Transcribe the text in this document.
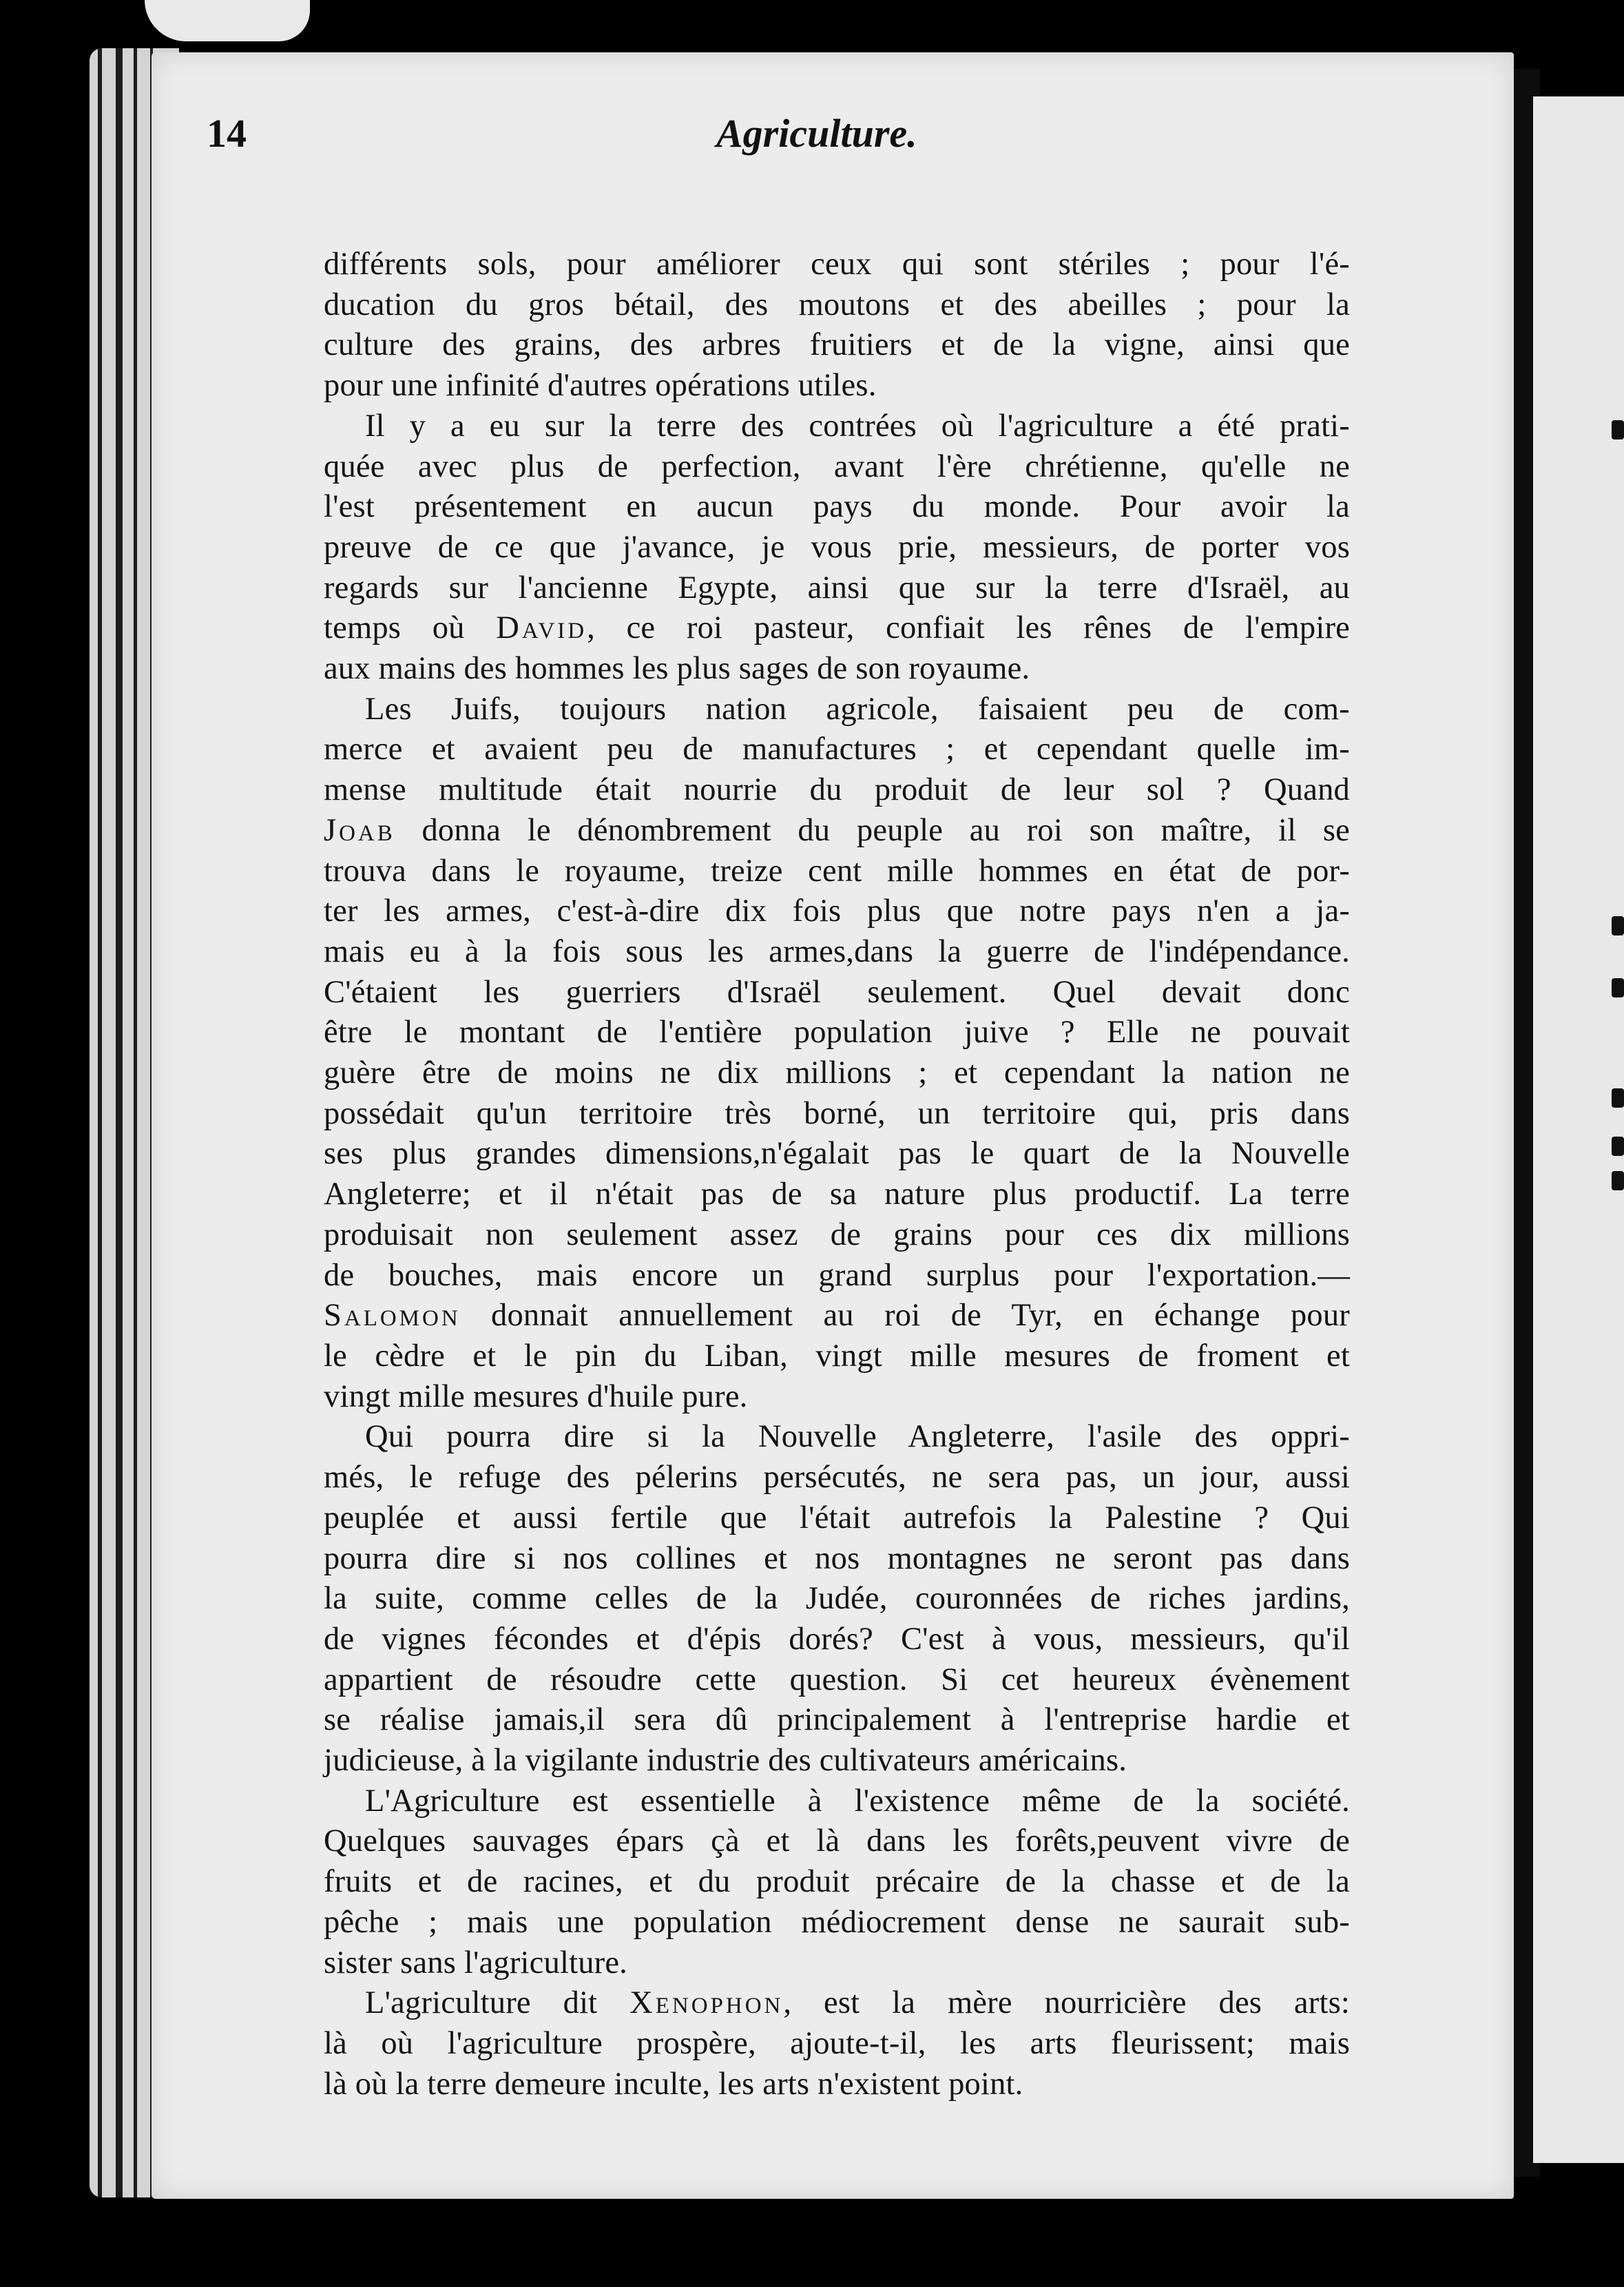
14	Agriculture.

différents sols, pour améliorer ceux qui sont stériles ; pour l'é-
ducation du gros bétail, des moutons et des abeilles ; pour la
culture des grains, des arbres fruitiers et de la vigne, ainsi que
pour une infinité d'autres opérations utiles.

Il y a eu sur la terre des contrées où l'agriculture a été prati-
quée avec plus de perfection, avant l'ère chrétienne, qu'elle ne
l'est présentement en aucun pays du monde. Pour avoir la
preuve de ce que j'avance, je vous prie, messieurs, de porter vos
regards sur l'ancienne Egypte, ainsi que sur la terre d'Israël, au
temps où David, ce roi pasteur, confiait les rênes de l'empire
aux mains des hommes les plus sages de son royaume.

Les Juifs, toujours nation agricole, faisaient peu de com-
merce et avaient peu de manufactures ; et cependant quelle im-
mense multitude était nourrie du produit de leur sol ? Quand
Joab donna le dénombrement du peuple au roi son maître, il se
trouva dans le royaume, treize cent mille hommes en état de por-
ter les armes, c'est-à-dire dix fois plus que notre pays n'en a ja-
mais eu à la fois sous les armes,dans la guerre de l'indépendance.
C'étaient les guerriers d'Israël seulement. Quel devait donc
être le montant de l'entière population juive ? Elle ne pouvait
guère être de moins ne dix millions ; et cependant la nation ne
possédait qu'un territoire très borné, un territoire qui, pris dans
ses plus grandes dimensions,n'égalait pas le quart de la Nouvelle
Angleterre; et il n'était pas de sa nature plus productif. La terre
produisait non seulement assez de grains pour ces dix millions
de bouches, mais encore un grand surplus pour l'exportation.—
Salomon donnait annuellement au roi de Tyr, en échange pour
le cèdre et le pin du Liban, vingt mille mesures de froment et
vingt mille mesures d'huile pure.

Qui pourra dire si la Nouvelle Angleterre, l'asile des oppri-
més, le refuge des pélerins persécutés, ne sera pas, un jour, aussi
peuplée et aussi fertile que l'était autrefois la Palestine ? Qui
pourra dire si nos collines et nos montagnes ne seront pas dans
la suite, comme celles de la Judée, couronnées de riches jardins,
de vignes fécondes et d'épis dorés? C'est à vous, messieurs, qu'il
appartient de résoudre cette question. Si cet heureux évènement
se réalise jamais,il sera dû principalement à l'entreprise hardie et
judicieuse, à la vigilante industrie des cultivateurs américains.

L'Agriculture est essentielle à l'existence même de la société.
Quelques sauvages épars çà et là dans les forêts,peuvent vivre de
fruits et de racines, et du produit précaire de la chasse et de la
pêche ; mais une population médiocrement dense ne saurait sub-
sister sans l'agriculture.

L'agriculture dit Xenophon, est la mère nourricière des arts:
là où l'agriculture prospère, ajoute-t-il, les arts fleurissent; mais
là où la terre demeure inculte, les arts n'existent point.
